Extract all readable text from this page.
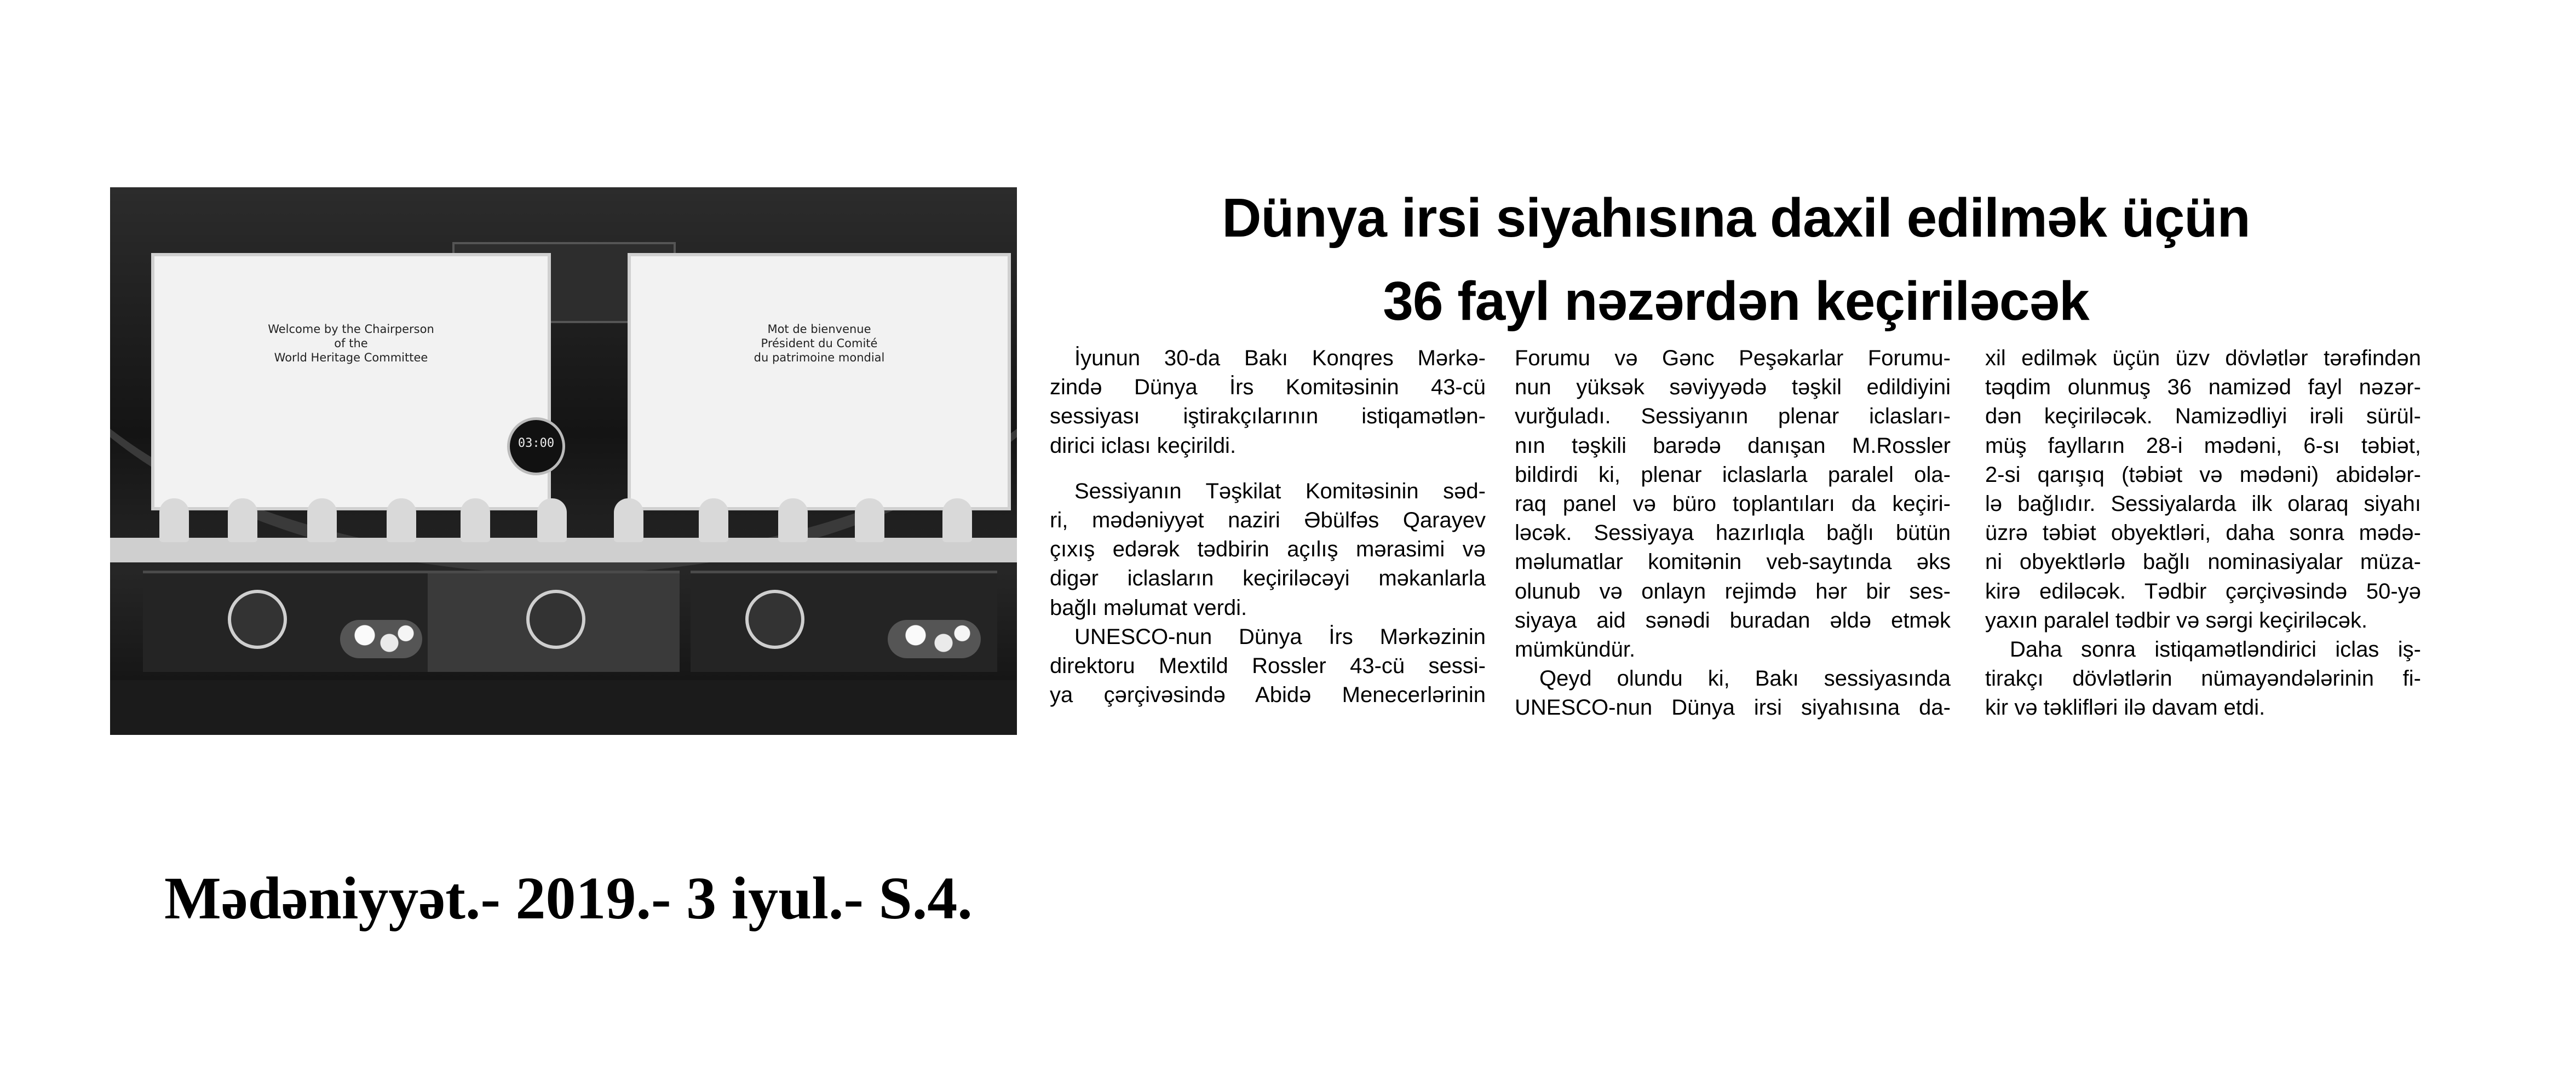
Welcome by the Chairperson
of the
World Heritage Committee
Mot de bienvenue
Président du Comité
du patrimoine mondial
03:00
Dünya irsi siyahısına daxil edilmək üçün
36 fayl nəzərdən keçiriləcək
İyunun 30-da Bakı Konqres Mərkə-
zində Dünya İrs Komitəsinin 43-cü
sessiyası iştirakçılarının istiqamətlən-
dirici iclası keçirildi.
Sessiyanın Təşkilat Komitəsinin səd-
ri, mədəniyyət naziri Əbülfəs Qarayev
çıxış edərək tədbirin açılış mərasimi və
digər iclasların keçiriləcəyi məkanlarla
bağlı məlumat verdi.
UNESCO-nun Dünya İrs Mərkəzinin
direktoru Mextild Rossler 43-cü sessi-
ya çərçivəsində Abidə Menecerlərinin
Forumu və Gənc Peşəkarlar Forumu-
nun yüksək səviyyədə təşkil edildiyini
vurğuladı. Sessiyanın plenar iclasları-
nın təşkili barədə danışan M.Rossler
bildirdi ki, plenar iclaslarla paralel ola-
raq panel və büro toplantıları da keçiri-
ləcək. Sessiyaya hazırlıqla bağlı bütün
məlumatlar komitənin veb-saytında əks
olunub və onlayn rejimdə hər bir ses-
siyaya aid sənədi buradan əldə etmək
mümkündür.
Qeyd olundu ki, Bakı sessiyasında
UNESCO-nun Dünya irsi siyahısına da-
xil edilmək üçün üzv dövlətlər tərəfindən
təqdim olunmuş 36 namizəd fayl nəzər-
dən keçiriləcək. Namizədliyi irəli sürül-
müş faylların 28-i mədəni, 6-sı təbiət,
2-si qarışıq (təbiət və mədəni) abidələr-
lə bağlıdır. Sessiyalarda ilk olaraq siyahı
üzrə təbiət obyektləri, daha sonra mədə-
ni obyektlərlə bağlı nominasiyalar müza-
kirə ediləcək. Tədbir çərçivəsində 50-yə
yaxın paralel tədbir və sərgi keçiriləcək.
Daha sonra istiqamətləndirici iclas iş-
tirakçı dövlətlərin nümayəndələrinin fi-
kir və təklifləri ilə davam etdi.

Mədəniyyət.- 2019.- 3 iyul.- S.4.
